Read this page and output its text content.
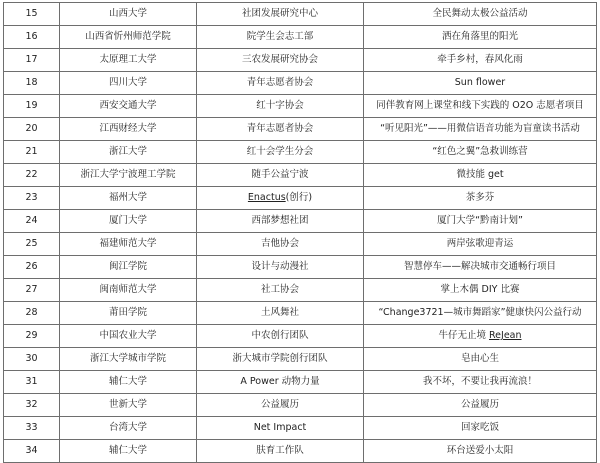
15	山西大学	社团发展研究中心	全民舞动太极公益活动
16	山西省忻州师范学院	院学生会志工部	洒在角落里的阳光
17	太原理工大学	三农发展研究协会	牵手乡村，春风化雨
18	四川大学	青年志愿者协会	Sun flower
19	西安交通大学	红十字协会	同伴教育网上课堂和线下实践的 O2O 志愿者项目
20	江西财经大学	青年志愿者协会	“听见阳光”——用微信语音功能为盲童读书活动
21	浙江大学	红十会学生分会	“红色之翼”急救训练营
22	浙江大学宁波理工学院	随手公益宁波	微技能 get
23	福州大学	Enactus(创行)	茶多芬
24	厦门大学	西部梦想社团	厦门大学“黔南计划”
25	福建师范大学	吉他协会	两岸弦歌迎青运
26	闽江学院	设计与动漫社	智慧停车——解决城市交通畅行项目
27	闽南师范大学	社工协会	掌上木偶 DIY 比赛
28	莆田学院	土风舞社	“Change3721—城市舞蹈家”健康快闪公益行动
29	中国农业大学	中农创行团队	牛仔无止境 ReJean
30	浙江大学城市学院	浙大城市学院创行团队	皂由心生
31	辅仁大学	A Power 动物力量	我不坏，不要让我再流浪！
32	世新大学	公益履历	公益履历
33	台湾大学	Net Impact	回家吃饭
34	辅仁大学	肤育工作队	环台送爱小太阳
